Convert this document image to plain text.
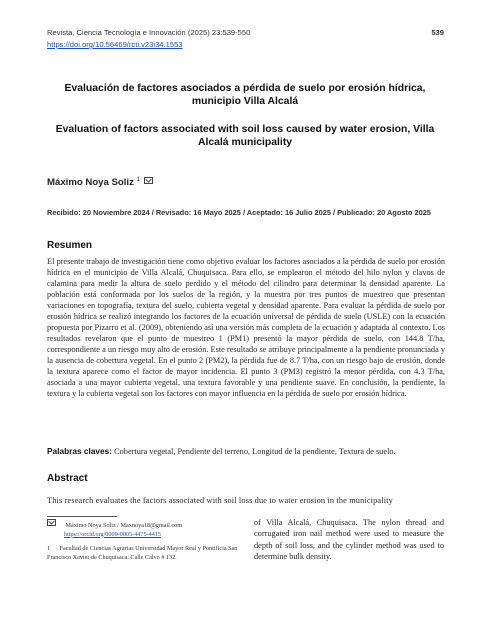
Revista, Ciencia Tecnología e Innovación (2025) 23:539-550	539
https://doi.org/10.56469/rcti.v23i34.1553
Evaluación de factores asociados a pérdida de suelo por erosión hídrica, municipio Villa Alcalá
Evaluation of factors associated with soil loss caused by water erosion, Villa Alcalá municipality
Máximo Noya Soliz $^1$
Recibido: 20 Noviembre 2024 / Revisado: 16 Mayo 2025 / Aceptado: 16 Julio 2025 / Publicado: 20 Agosto 2025
Resumen

El presente trabajo de investigación tiene como objetivo evaluar los factores asociados a la pérdida de suelo por erosión hídrica en el municipio de Villa Alcalá, Chuquisaca. Para ello, se emplearon el método del hilo nylon y clavos de calamina para medir la altura de suelo perdido y el método del cilindro para determinar la densidad aparente. La población está conformada por los suelos de la región, y la muestra por tres puntos de muestreo que presentan variaciones en topografía, textura del suelo, cubierta vegetal y densidad aparente. Para evaluar la pérdida de suelo por erosión hídrica se realizó integrando los factores de la ecuación universal de pérdida de suelo (USLE) con la ecuación propuesta por Pizarro et al. (2009), obteniendo así una versión más completa de la ecuación y adaptada al contexto. Los resultados revelaron que el punto de muestreo 1 (PM1) presentó la mayor pérdida de suelo, con 144.8 T/ha, correspondiente a un riesgo muy alto de erosión. Este resultado se atribuye principalmente a la pendiente pronunciada y la ausencia de cobertura vegetal. En el punto 2 (PM2), la pérdida fue de 8.7 T/ha, con un riesgo bajo de erosión, donde la textura aparece como el factor de mayor incidencia. El punto 3 (PM3) registró la menor pérdida, con 4.3 T/ha, asociada a una mayor cubierta vegetal, una textura favorable y una pendiente suave. En conclusión, la pendiente, la textura y la cubierta vegetal son los factores con mayor influencia en la pérdida de suelo por erosión hídrica.

Palabras claves: Cobertura vegetal, Pendiente del terreno, Longitud de la pendiente, Textura de suelo.

Abstract

This research evaluates the factors associated with soil loss due to water erosion in the municipality

Máximo Noya Soliz / Maxnoya18@gmail.com
https://orcid.org/0009-0005-4475-4415

1 Facultad de Ciencias Agrarias Universidad Mayor Real y Pontificia San Francisco Xavier de Chuquisaca. Calle Calvo # 132.

of Villa Alcalá, Chuquisaca. The nylon thread and corrugated iron nail method were used to measure the depth of soil loss, and the cylinder method was used to determine bulk density.
